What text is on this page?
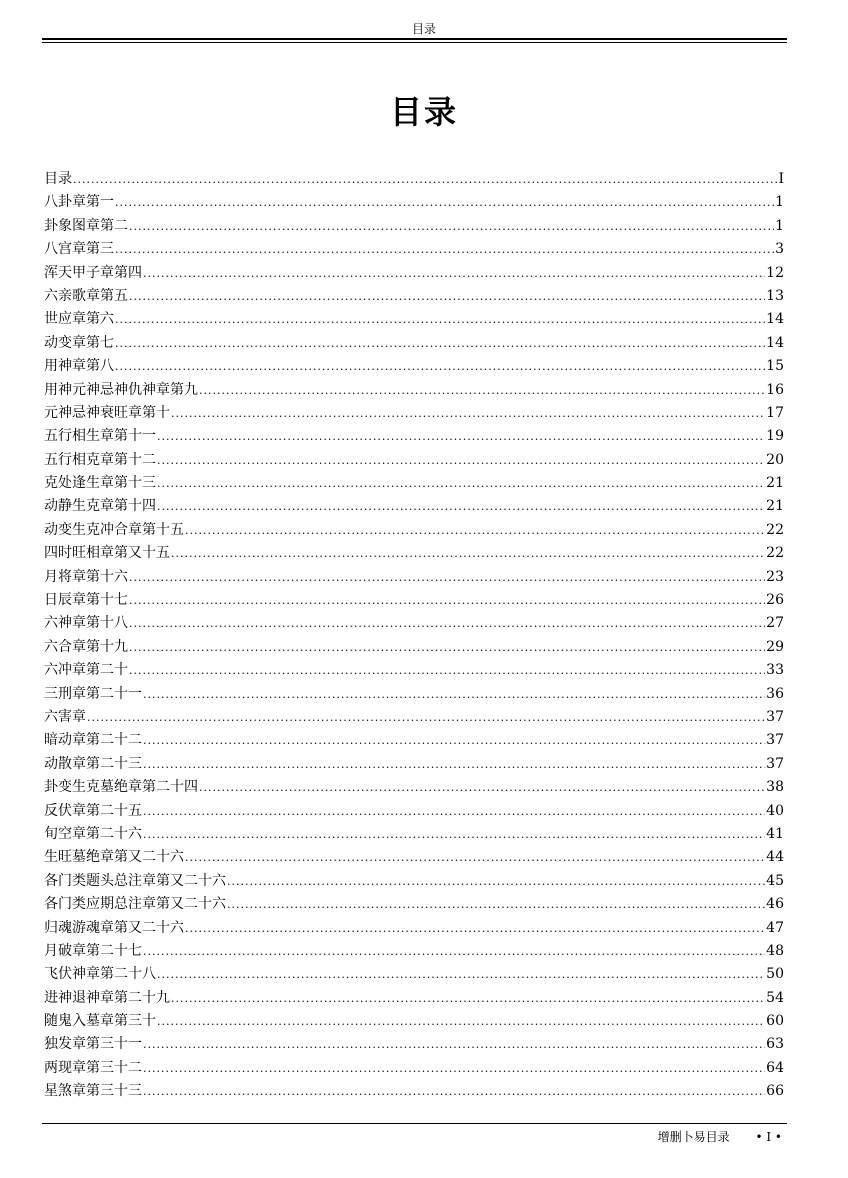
目录
目录
目录 .....	I
八卦章第一 .....	1
卦象图章第二 .....	1
八宫章第三 .....	3
浑天甲子章第四 .....	12
六亲歌章第五 .....	13
世应章第六 .....	14
动变章第七 .....	14
用神章第八 .....	15
用神元神忌神仇神章第九 .....	16
元神忌神衰旺章第十 .....	17
五行相生章第十一 .....	19
五行相克章第十二 .....	20
克处逢生章第十三 .....	21
动静生克章第十四 .....	21
动变生克冲合章第十五 .....	22
四时旺相章第又十五 .....	22
月将章第十六 .....	23
日辰章第十七 .....	26
六神章第十八 .....	27
六合章第十九 .....	29
六冲章第二十 .....	33
三刑章第二十一 .....	36
六害章 .....	37
暗动章第二十二 .....	37
动散章第二十三 .....	37
卦变生克墓绝章第二十四 .....	38
反伏章第二十五 .....	40
旬空章第二十六 .....	41
生旺墓绝章第又二十六 .....	44
各门类题头总注章第又二十六 .....	45
各门类应期总注章第又二十六 .....	46
归魂游魂章第又二十六 .....	47
月破章第二十七 .....	48
飞伏神章第二十八 .....	50
进神退神章第二十九 .....	54
随鬼入墓章第三十 .....	60
独发章第三十一 .....	63
两现章第三十二 .....	64
星煞章第三十三 .....	66
增删卜易目录 • I •
